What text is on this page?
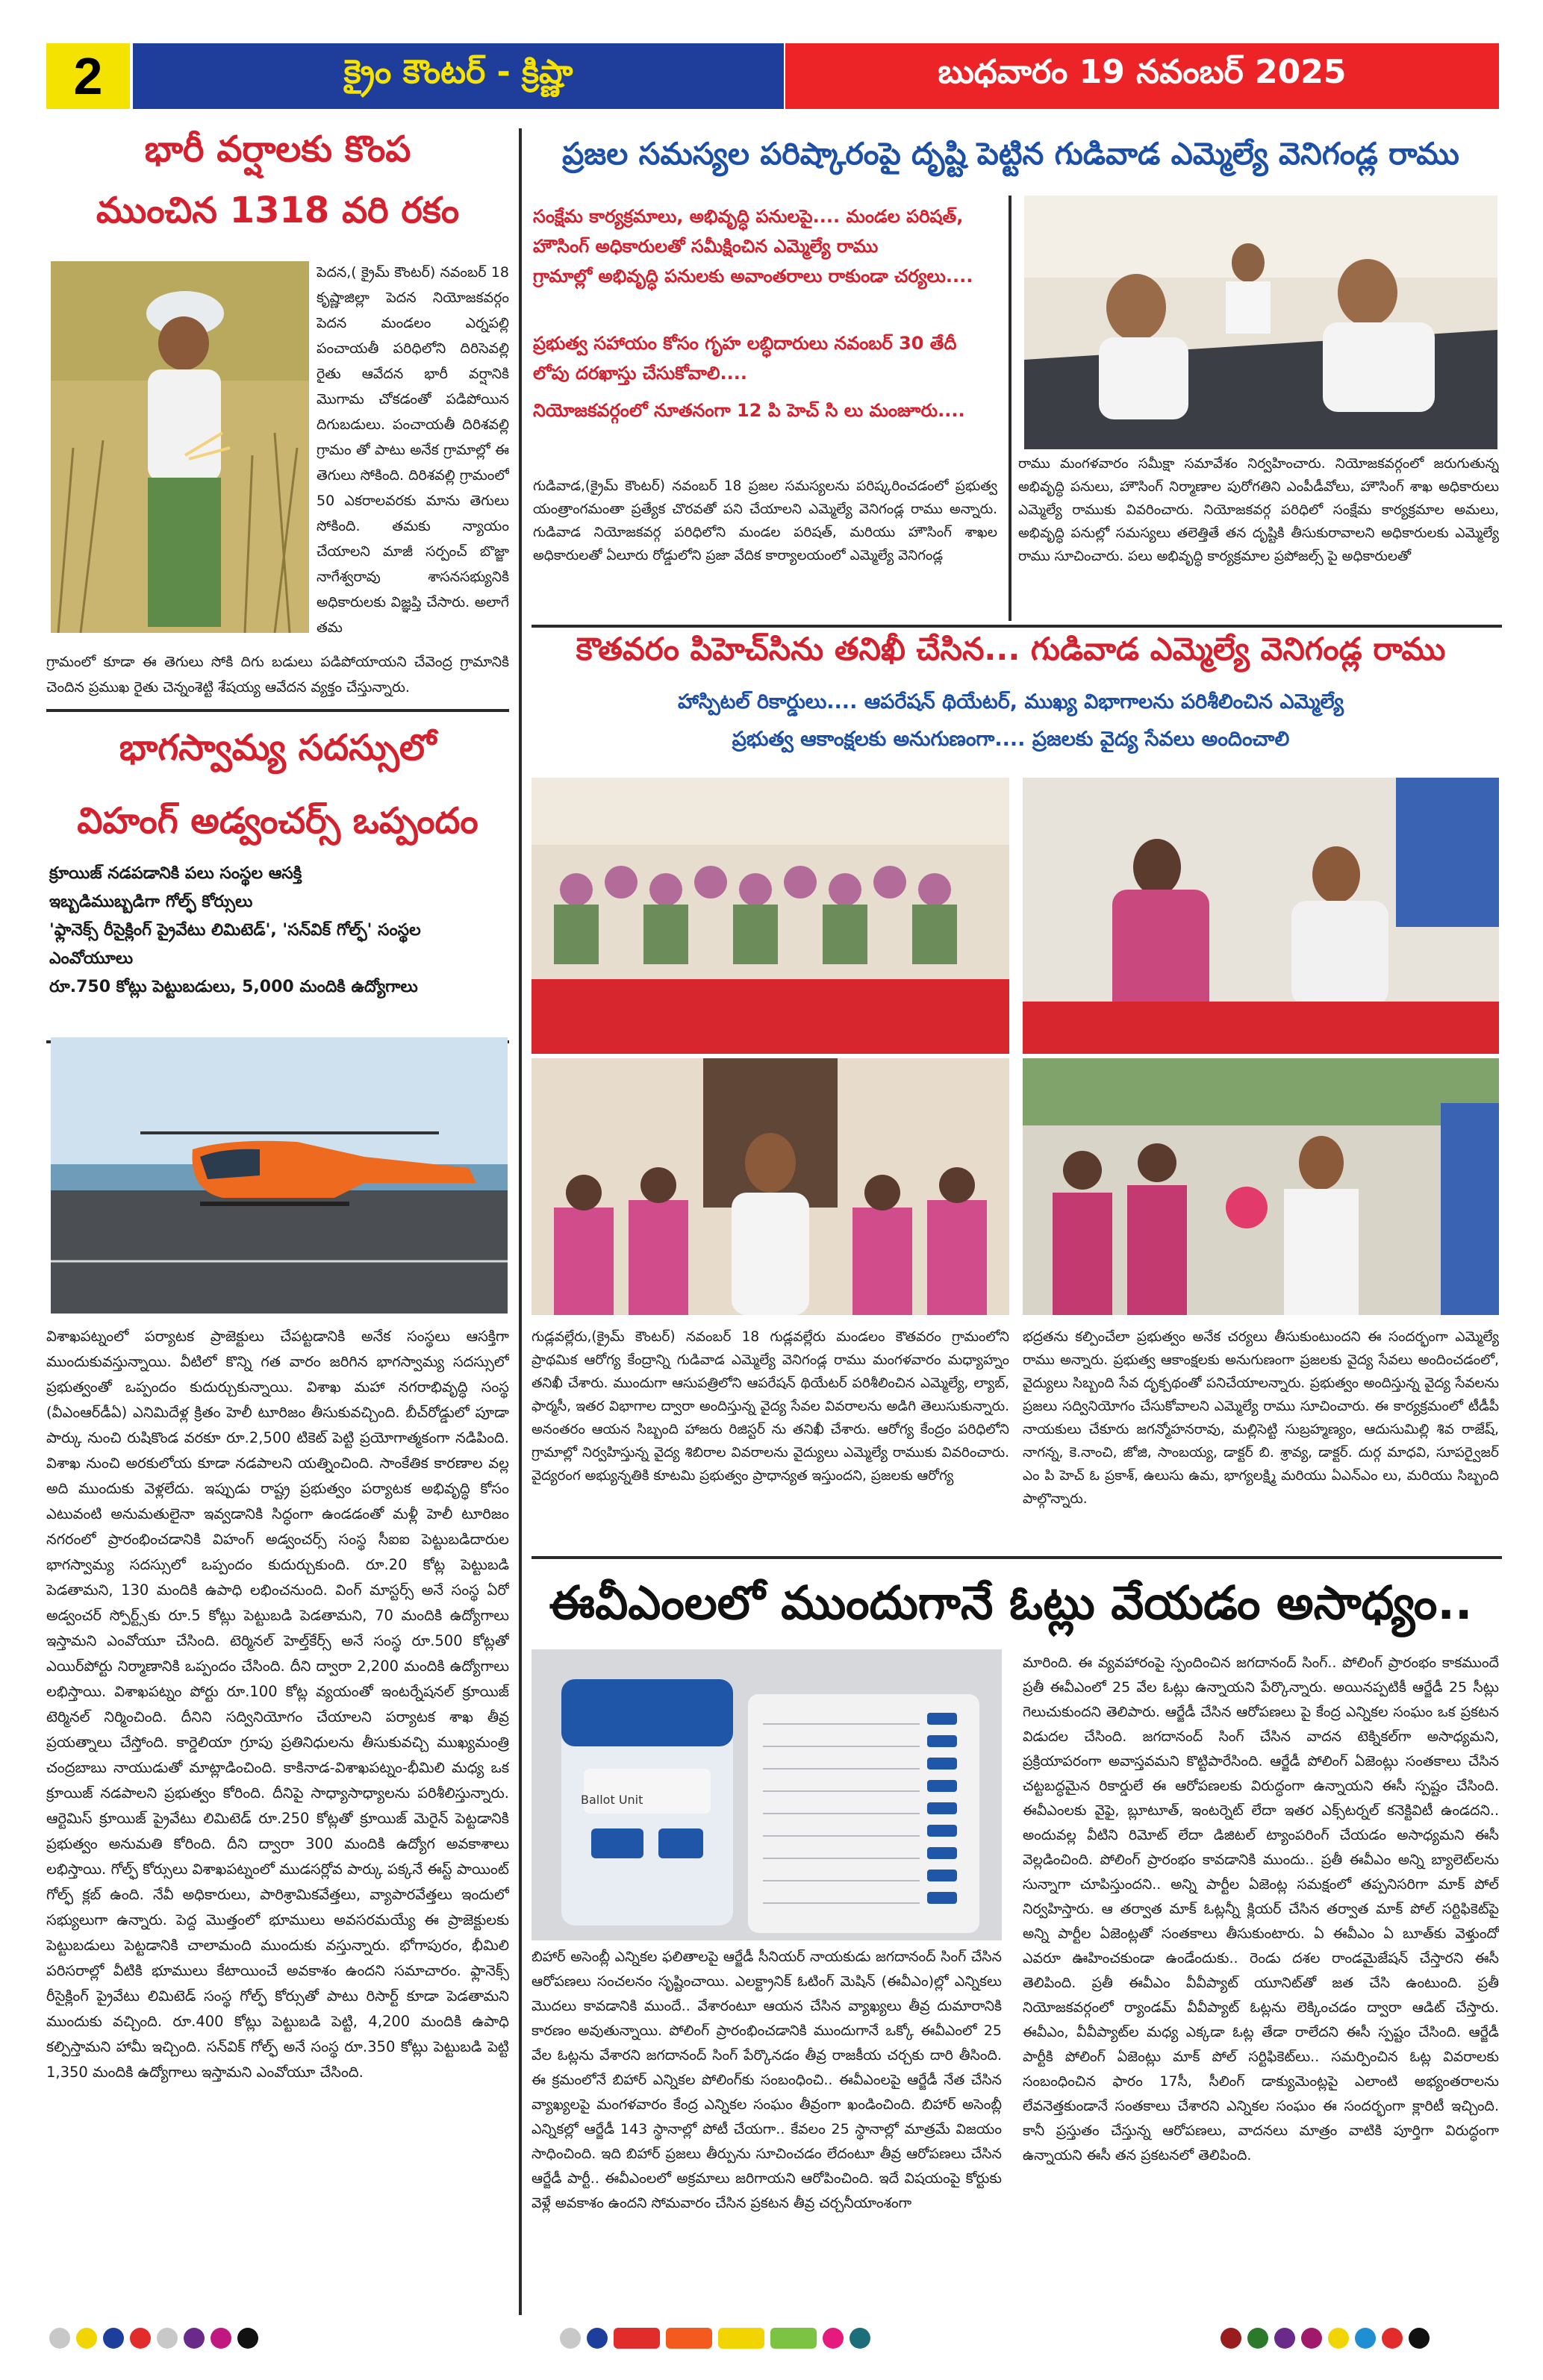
2	క్రైం కౌంటర్ - క్రిష్ణా	బుధవారం 19 నవంబర్ 2025
భారీ వర్షాలకు కొంప
ముంచిన 1318 వరి రకం
పెదన,( క్రైమ్ కౌంటర్) నవంబర్ 18 కృష్ణాజిల్లా పెదన నియోజకవర్గం పెదన మండలం ఎర్నపల్లి పంచాయతీ పరిధిలోని దిరిసెవల్లి రైతు ఆవేదన భారీ వర్షానికి మొగామ చోకడంతో పడిపోయిన దిగుబడులు. పంచాయతీ దిరిశవల్లి గ్రామం తో పాటు అనేక గ్రామాల్లో ఈ తెగులు సోకింది. దిరిశవల్లి గ్రామంలో 50 ఎకరాలవరకు మాను తెగులు సోకింది. తమకు న్యాయం చేయాలని మాజీ సర్పంచ్ బొజ్జా నాగేశ్వరావు శాసనసభ్యునికి అధికారులకు విజ్ఞప్తి చేసారు. అలాగే తమ
గ్రామంలో కూడా ఈ తెగులు సోకి దిగు బడులు పడిపోయాయని చేవెంద్ర గ్రామానికి చెందిన ప్రముఖ రైతు చెన్నంశెట్టి శేషయ్య ఆవేదన వ్యక్తం చేస్తున్నారు.
భాగస్వామ్య సదస్సులో
విహంగ్ అడ్వంచర్స్ ఒప్పందం
క్రూయిజ్ నడపడానికి పలు సంస్థల ఆసక్తి
ఇబ్బడిముబ్బడిగా గోల్ఫ్ కోర్సులు
'ఫ్లానెక్స్ రీసైక్లింగ్ ప్రైవేటు లిమిటెడ్', 'సన్‌విక్ గోల్ఫ్' సంస్థల ఎంవోయూలు
రూ.750 కోట్లు పెట్టుబడులు, 5,000 మందికి ఉద్యోగాలు
విశాఖపట్నంలో పర్యాటక ప్రాజెక్టులు చేపట్టడానికి అనేక సంస్థలు ఆసక్తిగా ముందుకువస్తున్నాయి. వీటిలో కొన్ని గత వారం జరిగిన భాగస్వామ్య సదస్సులో ప్రభుత్వంతో ఒప్పందం కుదుర్చుకున్నాయి. విశాఖ మహా నగరాభివృద్ధి సంస్థ (వీఎంఆర్‌డీఏ) ఎనిమిదేళ్ల క్రితం హెలీ టూరిజం తీసుకువచ్చింది. బీచ్‌రోడ్డులో పూడా పార్కు నుంచి రుషికొండ వరకూ రూ.2,500 టికెట్ పెట్టి ప్రయోగాత్మకంగా నడిపింది. విశాఖ నుంచి అరకులోయ కూడా నడపాలని యత్నించింది. సాంకేతిక కారణాల వల్ల అది ముందుకు వెళ్లలేదు. ఇప్పుడు రాష్ట్ర ప్రభుత్వం పర్యాటక అభివృద్ధి కోసం ఎటువంటి అనుమతులైనా ఇవ్వడానికి సిద్ధంగా ఉండడంతో మళ్లీ హెలీ టూరిజం నగరంలో ప్రారంభించడానికి విహంగ్ అడ్వంచర్స్ సంస్థ సీఐఐ పెట్టుబడిదారుల భాగస్వామ్య సదస్సులో ఒప్పందం కుదుర్చుకుంది. రూ.20 కోట్ల పెట్టుబడి పెడతామని, 130 మందికి ఉపాధి లభించనుంది. వింగ్ మాస్టర్స్ అనే సంస్థ ఏరో అడ్వంచర్ స్పోర్ట్స్‌కు రూ.5 కోట్లు పెట్టుబడి పెడతామని, 70 మందికి ఉద్యోగాలు ఇస్తామని ఎంవోయూ చేసింది. టెర్మినల్ హెల్త్‌కేర్స్ అనే సంస్థ రూ.500 కోట్లతో ఎయిర్‌పోర్టు నిర్మాణానికి ఒప్పందం చేసింది. దీని ద్వారా 2,200 మందికి ఉద్యోగాలు లభిస్తాయి. విశాఖపట్నం పోర్టు రూ.100 కోట్ల వ్యయంతో ఇంటర్నేషనల్ క్రూయిజ్ టెర్మినల్ నిర్మించింది. దీనిని సద్వినియోగం చేయాలని పర్యాటక శాఖ తీవ్ర ప్రయత్నాలు చేస్తోంది. కార్డెలియా గ్రూపు ప్రతినిధులను తీసుకువచ్చి ముఖ్యమంత్రి చంద్రబాబు నాయుడుతో మాట్లాడించింది. కాకినాడ-విశాఖపట్నం-భీమిలి మధ్య ఒక క్రూయిజ్ నడపాలని ప్రభుత్వం కోరింది. దీనిపై సాధ్యాసాధ్యాలను పరిశీలిస్తున్నారు. ఆర్టెమిస్ క్రూయిజ్ ప్రైవేటు లిమిటెడ్ రూ.250 కోట్లతో క్రూయిజ్ మెరైన్ పెట్టడానికి ప్రభుత్వం అనుమతి కోరింది. దీని ద్వారా 300 మందికి ఉద్యోగ అవకాశాలు లభిస్తాయి. గోల్ఫ్ కోర్సులు విశాఖపట్నంలో ముడసర్లోవ పార్కు పక్కనే ఈస్ట్ పాయింట్ గోల్ఫ్ క్లబ్ ఉంది. నేవీ అధికారులు, పారిశ్రామికవేత్తలు, వ్యాపారవేత్తలు ఇందులో సభ్యులుగా ఉన్నారు. పెద్ద మొత్తంలో భూములు అవసరమయ్యే ఈ ప్రాజెక్టులకు పెట్టుబడులు పెట్టడానికి చాలామంది ముందుకు వస్తున్నారు. భోగాపురం, భీమిలి పరిసరాల్లో వీటికి భూములు కేటాయించే అవకాశం ఉందని సమాచారం. ఫ్లానెక్స్ రీసైక్లింగ్ ప్రైవేటు లిమిటెడ్ సంస్థ గోల్ఫ్ కోర్సుతో పాటు రిసార్ట్ కూడా పెడతామని ముందుకు వచ్చింది. రూ.400 కోట్లు పెట్టుబడి పెట్టి, 4,200 మందికి ఉపాధి కల్పిస్తామని హామీ ఇచ్చింది. సన్‌విక్ గోల్ఫ్ అనే సంస్థ రూ.350 కోట్లు పెట్టుబడి పెట్టి 1,350 మందికి ఉద్యోగాలు ఇస్తామని ఎంవోయూ చేసింది.
ప్రజల సమస్యల పరిష్కారంపై దృష్టి పెట్టిన గుడివాడ ఎమ్మెల్యే వెనిగండ్ల రాము
సంక్షేమ కార్యక్రమాలు, అభివృద్ధి పనులపై.... మండల పరిషత్, హౌసింగ్ అధికారులతో సమీక్షించిన ఎమ్మెల్యే రాము
గ్రామాల్లో అభివృద్ధి పనులకు అవాంతరాలు రాకుండా చర్యలు....
ప్రభుత్వ సహాయం కోసం గృహ లబ్ధిదారులు నవంబర్ 30 తేదీ లోపు దరఖాస్తు చేసుకోవాలి....
నియోజకవర్గంలో నూతనంగా 12 పి హెచ్ సి లు మంజూరు....
గుడివాడ,(క్రైమ్ కౌంటర్) నవంబర్ 18 ప్రజల సమస్యలను పరిష్కరించడంలో ప్రభుత్వ యంత్రాంగమంతా ప్రత్యేక చొరవతో పని చేయాలని ఎమ్మెల్యే వెనిగండ్ల రాము అన్నారు. గుడివాడ నియోజకవర్గ పరిధిలోని మండల పరిషత్, మరియు హౌసింగ్ శాఖల అధికారులతో ఏలూరు రోడ్డులోని ప్రజా వేదిక కార్యాలయంలో ఎమ్మెల్యే వెనిగండ్ల
రాము మంగళవారం సమీక్షా సమావేశం నిర్వహించారు. నియోజకవర్గంలో జరుగుతున్న అభివృద్ధి పనులు, హౌసింగ్ నిర్మాణాల పురోగతిని ఎంపీడీవోలు, హౌసింగ్ శాఖ అధికారులు ఎమ్మెల్యే రాముకు వివరించారు. నియోజకవర్గ పరిధిలో సంక్షేమ కార్యక్రమాల అమలు, అభివృద్ధి పనుల్లో సమస్యలు తలెత్తితే తన దృష్టికి తీసుకురావాలని అధికారులకు ఎమ్మెల్యే రాము సూచించారు. పలు అభివృద్ధి కార్యక్రమాల ప్రపోజల్స్ పై అధికారులతో
కౌతవరం పిహెచ్‌సిను తనిఖీ చేసిన... గుడివాడ ఎమ్మెల్యే వెనిగండ్ల రాము
హాస్పిటల్ రికార్డులు.... ఆపరేషన్ థియేటర్, ముఖ్య విభాగాలను పరిశీలించిన ఎమ్మెల్యే
ప్రభుత్వ ఆకాంక్షలకు అనుగుణంగా.... ప్రజలకు వైద్య సేవలు అందించాలి
గుడ్లవల్లేరు,(క్రైమ్ కౌంటర్) నవంబర్ 18 గుడ్లవల్లేరు మండలం కౌతవరం గ్రామంలోని ప్రాథమిక ఆరోగ్య కేంద్రాన్ని గుడివాడ ఎమ్మెల్యే వెనిగండ్ల రాము మంగళవారం మధ్యాహ్నం తనిఖీ చేశారు. ముందుగా ఆసుపత్రిలోని ఆపరేషన్ థియేటర్ పరిశీలించిన ఎమ్మెల్యే, ల్యాబ్, ఫార్మసీ, ఇతర విభాగాల ద్వారా అందిస్తున్న వైద్య సేవల వివరాలను అడిగి తెలుసుకున్నారు. అనంతరం ఆయన సిబ్బంది హాజరు రిజిస్టర్ ను తనిఖీ చేశారు. ఆరోగ్య కేంద్రం పరిధిలోని గ్రామాల్లో నిర్వహిస్తున్న వైద్య శిబిరాల వివరాలను వైద్యులు ఎమ్మెల్యే రాముకు వివరించారు. వైద్యరంగ అభ్యున్నతికి కూటమి ప్రభుత్వం ప్రాధాన్యత ఇస్తుందని, ప్రజలకు ఆరోగ్య
భద్రతను కల్పించేలా ప్రభుత్వం అనేక చర్యలు తీసుకుంటుందని ఈ సందర్భంగా ఎమ్మెల్యే రాము అన్నారు. ప్రభుత్వ ఆకాంక్షలకు అనుగుణంగా ప్రజలకు వైద్య సేవలు అందించడంలో, వైద్యులు సిబ్బంది సేవ దృక్పథంతో పనిచేయాలన్నారు. ప్రభుత్వం అందిస్తున్న వైద్య సేవలను ప్రజలు సద్వినియోగం చేసుకోవాలని ఎమ్మెల్యే రాము సూచించారు. ఈ కార్యక్రమంలో టీడీపీ నాయకులు చేకూరు జగన్మోహనరావు, మల్లిసెట్టి సుబ్రహ్మణ్యం, ఆదుసుమిల్లి శివ రాజేష్, నాగన్న, కె.నాంచి, జోజి, సాంబయ్య, డాక్టర్ బి. శ్రావ్య, డాక్టర్. దుర్గ మాధవి, సూపర్వైజర్ ఎం పి హెచ్ ఓ ప్రకాశ్, ఉలుసు ఉమ, భాగ్యలక్ష్మి మరియు ఏఎన్ఎం లు, మరియు సిబ్బంది పాల్గొన్నారు.
ఈవీఎంలలో ముందుగానే ఓట్లు వేయడం అసాధ్యం..
Ballot Unit
బిహార్ అసెంబ్లీ ఎన్నికల ఫలితాలపై ఆర్జేడీ సీనియర్ నాయకుడు జగదానంద్ సింగ్ చేసిన ఆరోపణలు సంచలనం సృష్టించాయి. ఎలక్ట్రానిక్ ఓటింగ్ మెషిన్ (ఈవీఎం)ల్లో ఎన్నికలు మొదలు కావడానికి ముందే.. వేశారంటూ ఆయన చేసిన వ్యాఖ్యలు తీవ్ర దుమారానికి కారణం అవుతున్నాయి. పోలింగ్ ప్రారంభించడానికి ముందుగానే ఒక్కో ఈవీఎంలో 25 వేల ఓట్లను వేశారని జగదానంద్ సింగ్ పేర్కొనడం తీవ్ర రాజకీయ చర్చకు దారి తీసింది. ఈ క్రమంలోనే బిహార్ ఎన్నికల పోలింగ్‌కు సంబంధించి.. ఈవీఎంలపై ఆర్జేడీ నేత చేసిన వ్యాఖ్యలపై మంగళవారం కేంద్ర ఎన్నికల సంఘం తీవ్రంగా ఖండించింది. బిహార్ అసెంబ్లీ ఎన్నికల్లో ఆర్జేడీ 143 స్థానాల్లో పోటీ చేయగా.. కేవలం 25 స్థానాల్లో మాత్రమే విజయం సాధించింది. ఇది బిహార్ ప్రజలు తీర్పును సూచించడం లేదంటూ తీవ్ర ఆరోపణలు చేసిన ఆర్జేడీ పార్టీ.. ఈవీఎంలలో అక్రమాలు జరిగాయని ఆరోపించింది. ఇదే విషయంపై కోర్టుకు వెళ్లే అవకాశం ఉందని సోమవారం చేసిన ప్రకటన తీవ్ర చర్చనీయాంశంగా
మారింది. ఈ వ్యవహారంపై స్పందించిన జగదానంద్ సింగ్.. పోలింగ్ ప్రారంభం కాకముందే ప్రతీ ఈవీఎంలో 25 వేల ఓట్లు ఉన్నాయని పేర్కొన్నారు. అయినప్పటికీ ఆర్జేడీ 25 సీట్లు గెలుచుకుందని తెలిపారు. ఆర్జేడీ చేసిన ఆరోపణలు పై కేంద్ర ఎన్నికల సంఘం ఒక ప్రకటన విడుదల చేసింది. జగదానంద్ సింగ్ చేసిన వాదన టెక్నికల్‌గా అసాధ్యమని, ప్రక్రియాపరంగా అవాస్తవమని కొట్టిపారేసింది. ఆర్జేడీ పోలింగ్ ఏజెంట్లు సంతకాలు చేసిన చట్టబద్ధమైన రికార్డులే ఈ ఆరోపణలకు విరుద్ధంగా ఉన్నాయని ఈసీ స్పష్టం చేసింది. ఈవీఎంలకు వైఫై, బ్లూటూత్, ఇంటర్నెట్ లేదా ఇతర ఎక్స్‌టర్నల్ కనెక్టివిటీ ఉండదని.. అందువల్ల వీటిని రిమోట్ లేదా డిజిటల్ ట్యాంపరింగ్ చేయడం అసాధ్యమని ఈసీ వెల్లడించింది. పోలింగ్ ప్రారంభం కావడానికి ముందు.. ప్రతీ ఈవీఎం అన్ని బ్యాలెట్‌లను సున్నాగా చూపిస్తుందని.. అన్ని పార్టీల ఏజెంట్ల సమక్షంలో తప్పనిసరిగా మాక్ పోల్ నిర్వహిస్తారు. ఆ తర్వాత మాక్ ఓట్లన్నీ క్లియర్ చేసిన తర్వాత మాక్ పోల్ సర్టిఫికెట్‌పై అన్ని పార్టీల ఏజెంట్లతో సంతకాలు తీసుకుంటారు. ఏ ఈవీఎం ఏ బూత్‌కు వెళ్తుందో ఎవరూ ఊహించకుండా ఉండేందుకు.. రెండు దశల రాండమైజేషన్ చేస్తారని ఈసీ తెలిపింది. ప్రతీ ఈవీఎం వీవీప్యాట్ యూనిట్‌తో జత చేసి ఉంటుంది. ప్రతీ నియోజకవర్గంలో ర్యాండమ్ వీవీప్యాట్ ఓట్లను లెక్కించడం ద్వారా ఆడిట్ చేస్తారు. ఈవీఎం, వీవీప్యాట్‌ల మధ్య ఎక్కడా ఓట్ల తేడా రాలేదని ఈసీ స్పష్టం చేసింది. ఆర్జేడీ పార్టీకి పోలింగ్ ఏజెంట్లు మాక్ పోల్ సర్టిఫికెట్‌లు.. సమర్పించిన ఓట్ల వివరాలకు సంబంధించిన ఫారం 17సీ, సీలింగ్ డాక్యుమెంట్లపై ఎలాంటి అభ్యంతరాలను లేవనెత్తకుండానే సంతకాలు చేశారని ఎన్నికల సంఘం ఈ సందర్భంగా క్లారిటీ ఇచ్చింది. కానీ ప్రస్తుతం చేస్తున్న ఆరోపణలు, వాదనలు మాత్రం వాటికి పూర్తిగా విరుద్ధంగా ఉన్నాయని ఈసీ తన ప్రకటనలో తెలిపింది.
